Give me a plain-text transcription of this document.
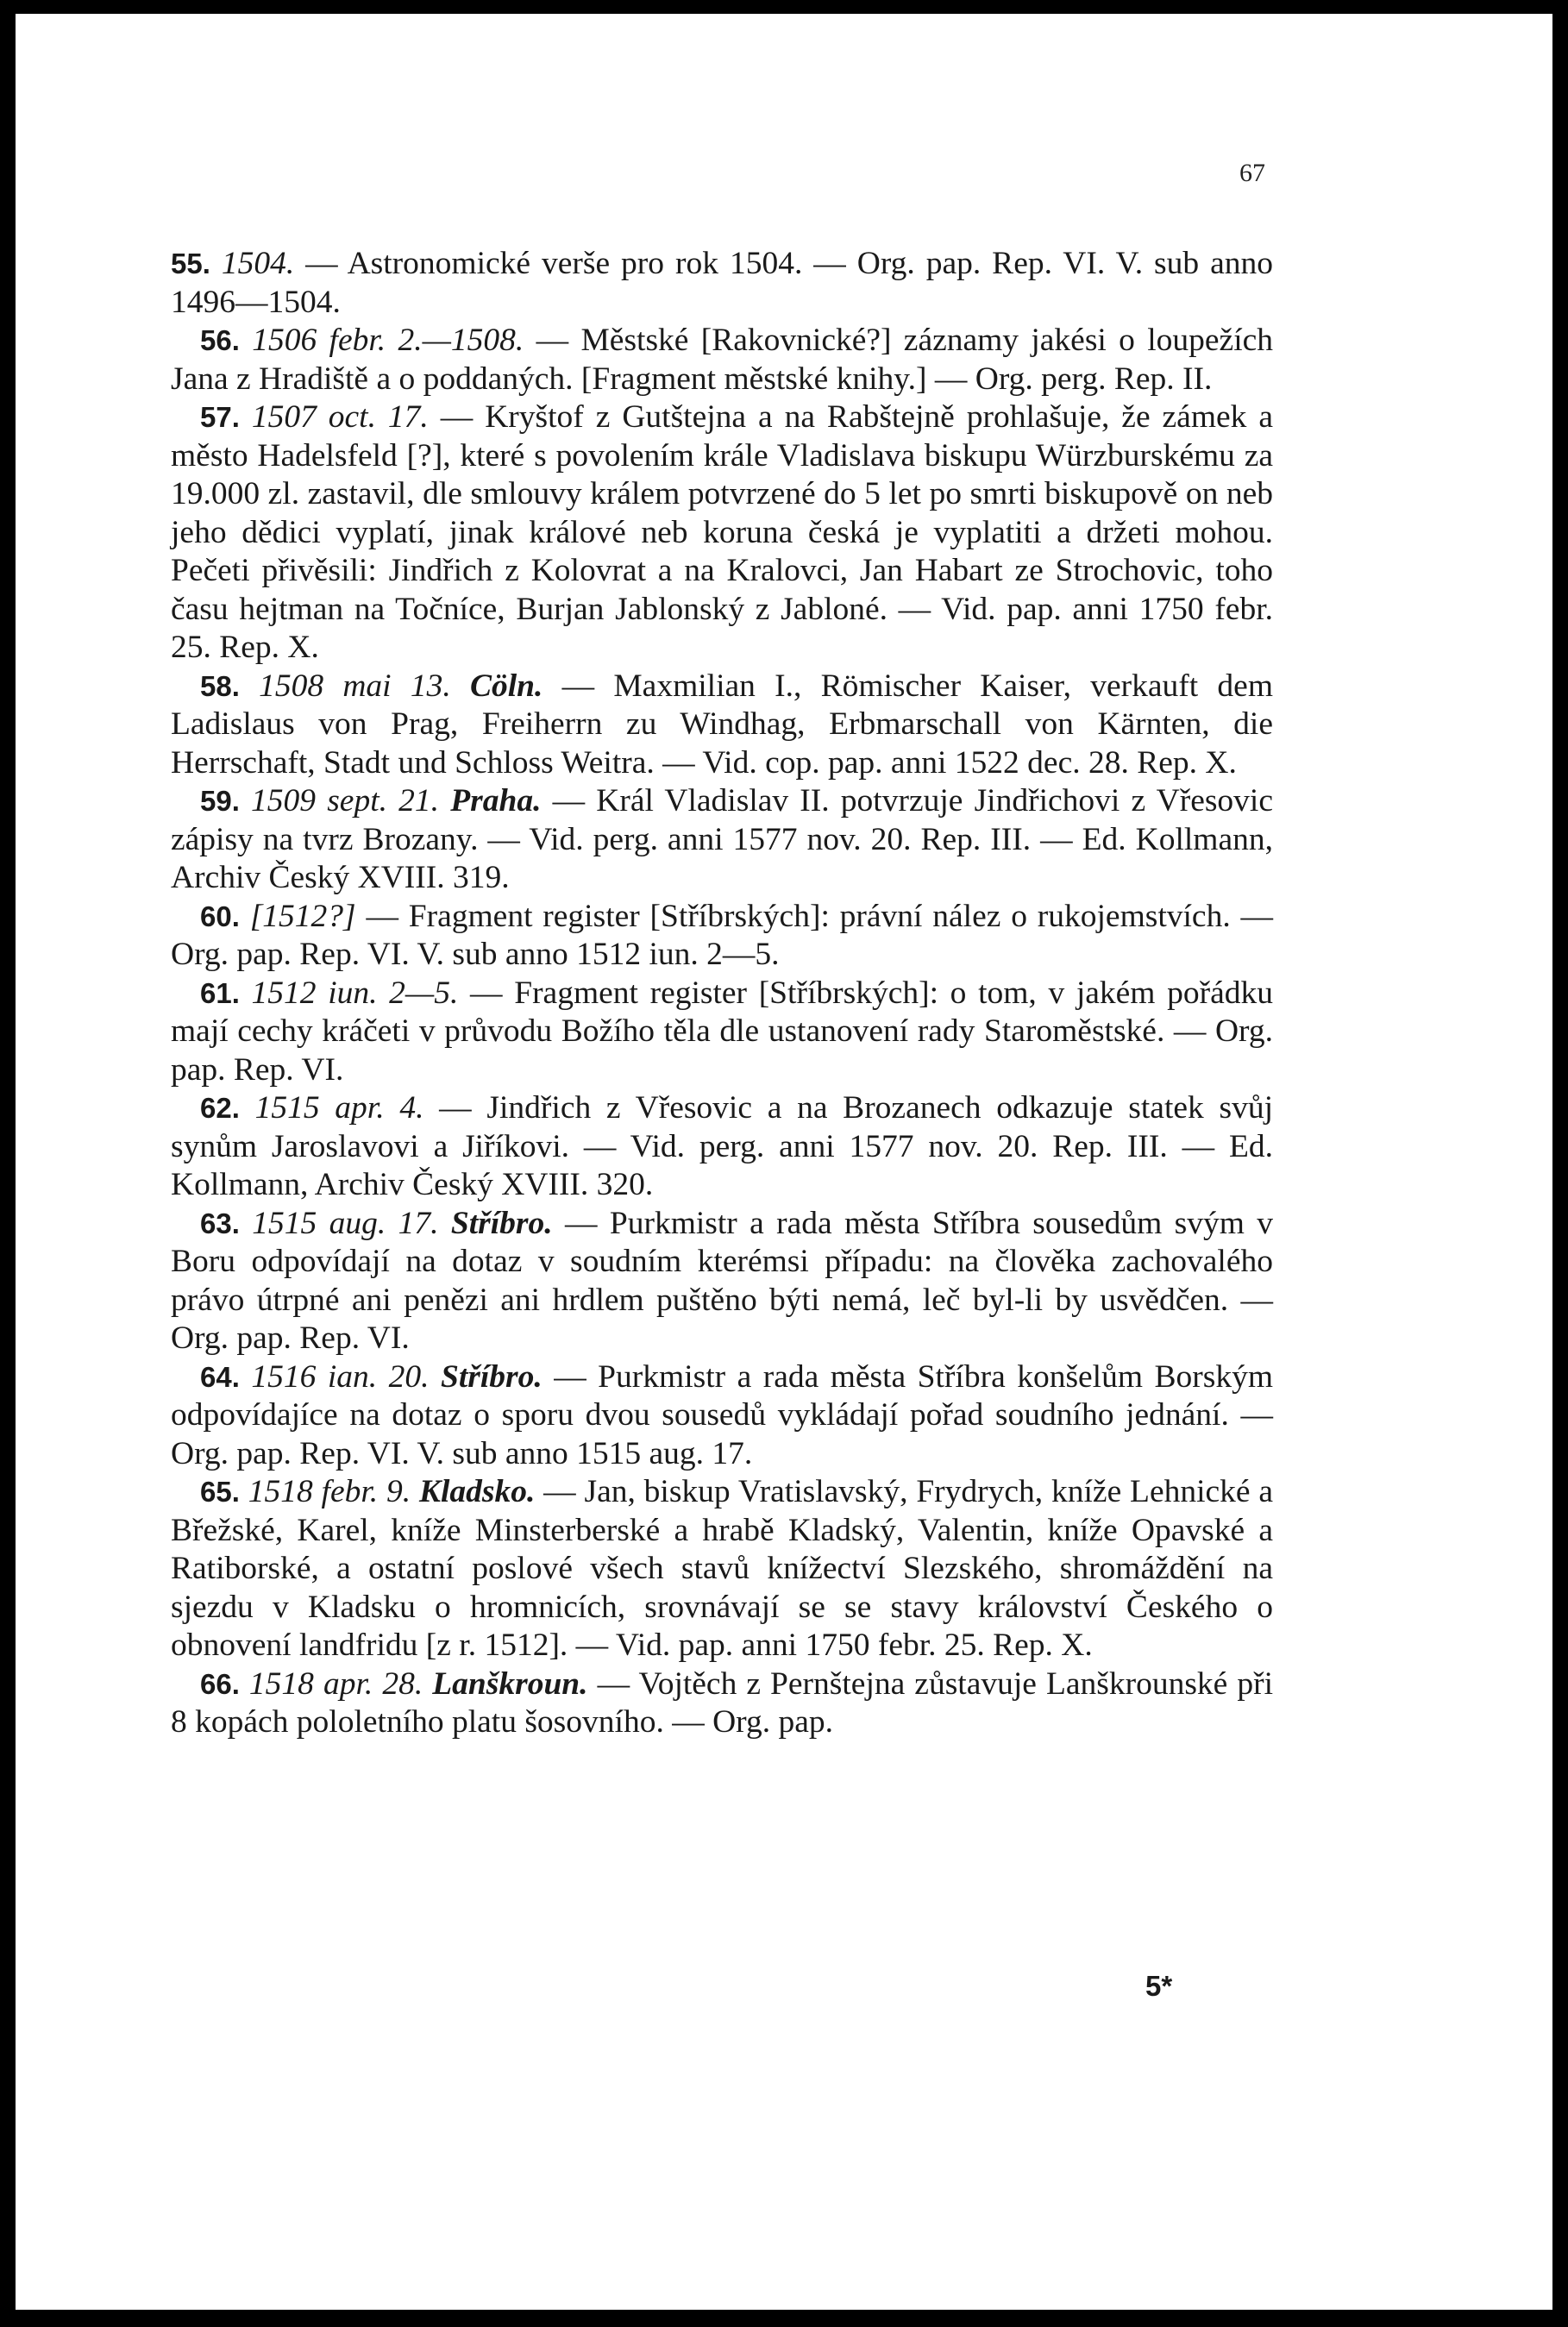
67

55. 1504. — Astronomické verše pro rok 1504. — Org. pap. Rep. VI. V. sub anno 1496—1504.

56. 1506 febr. 2.—1508. — Městské [Rakovnické?] záznamy jakési o loupežích Jana z Hradiště a o poddaných. [Fragment městské knihy.] — Org. perg. Rep. II.

57. 1507 oct. 17. — Kryštof z Gutštejna a na Rabštejně prohlašuje, že zámek a město Hadelsfeld [?], které s povolením krále Vladislava biskupu Würzburskému za 19.000 zl. zastavil, dle smlouvy králem potvrzené do 5 let po smrti biskupově on neb jeho dědici vyplatí, jinak králové neb koruna česká je vyplatiti a držeti mohou. Pečeti přivěsili: Jindřich z Kolovrat a na Kralovci, Jan Habart ze Strochovic, toho času hejtman na Točníce, Burjan Jablonský z Jabloné. — Vid. pap. anni 1750 febr. 25. Rep. X.

58. 1508 mai 13. Cöln. — Maxmilian I., Römischer Kaiser, verkauft dem Ladislaus von Prag, Freiherrn zu Windhag, Erbmarschall von Kärnten, die Herrschaft, Stadt und Schloss Weitra. — Vid. cop. pap. anni 1522 dec. 28. Rep. X.

59. 1509 sept. 21. Praha. — Král Vladislav II. potvrzuje Jindřichovi z Vřesovic zápisy na tvrz Brozany. — Vid. perg. anni 1577 nov. 20. Rep. III. — Ed. Kollmann, Archiv Český XVIII. 319.

60. [1512?] — Fragment register [Stříbrských]: právní nález o rukojemstvích. — Org. pap. Rep. VI. V. sub anno 1512 iun. 2—5.

61. 1512 iun. 2—5. — Fragment register [Stříbrských]: o tom, v jakém pořádku mají cechy kráčeti v průvodu Božího těla dle ustanovení rady Staroměstské. — Org. pap. Rep. VI.

62. 1515 apr. 4. — Jindřich z Vřesovic a na Brozanech odkazuje statek svůj synům Jaroslavovi a Jiříkovi. — Vid. perg. anni 1577 nov. 20. Rep. III. — Ed. Kollmann, Archiv Český XVIII. 320.

63. 1515 aug. 17. Stříbro. — Purkmistr a rada města Stříbra sousedům svým v Boru odpovídají na dotaz v soudním kterémsi případu: na člověka zachovalého právo útrpné ani penězi ani hrdlem puštěno býti nemá, leč byl-li by usvědčen. — Org. pap. Rep. VI.

64. 1516 ian. 20. Stříbro. — Purkmistr a rada města Stříbra konšelům Borským odpovídajíce na dotaz o sporu dvou sousedů vykládají pořad soudního jednání. — Org. pap. Rep. VI. V. sub anno 1515 aug. 17.

65. 1518 febr. 9. Kladsko. — Jan, biskup Vratislavský, Frydrych, kníže Lehnické a Břežské, Karel, kníže Minsterberské a hrabě Kladský, Valentin, kníže Opavské a Ratiborské, a ostatní poslové všech stavů knížectví Slezského, shromáždění na sjezdu v Kladsku o hromnicích, srovnávají se se stavy království Českého o obnovení landfridu [z r. 1512]. — Vid. pap. anni 1750 febr. 25. Rep. X.

66. 1518 apr. 28. Lanškroun. — Vojtěch z Pernštejna zůstavuje Lanškrounské při 8 kopách pololetního platu šosovního. — Org. pap.

5*
